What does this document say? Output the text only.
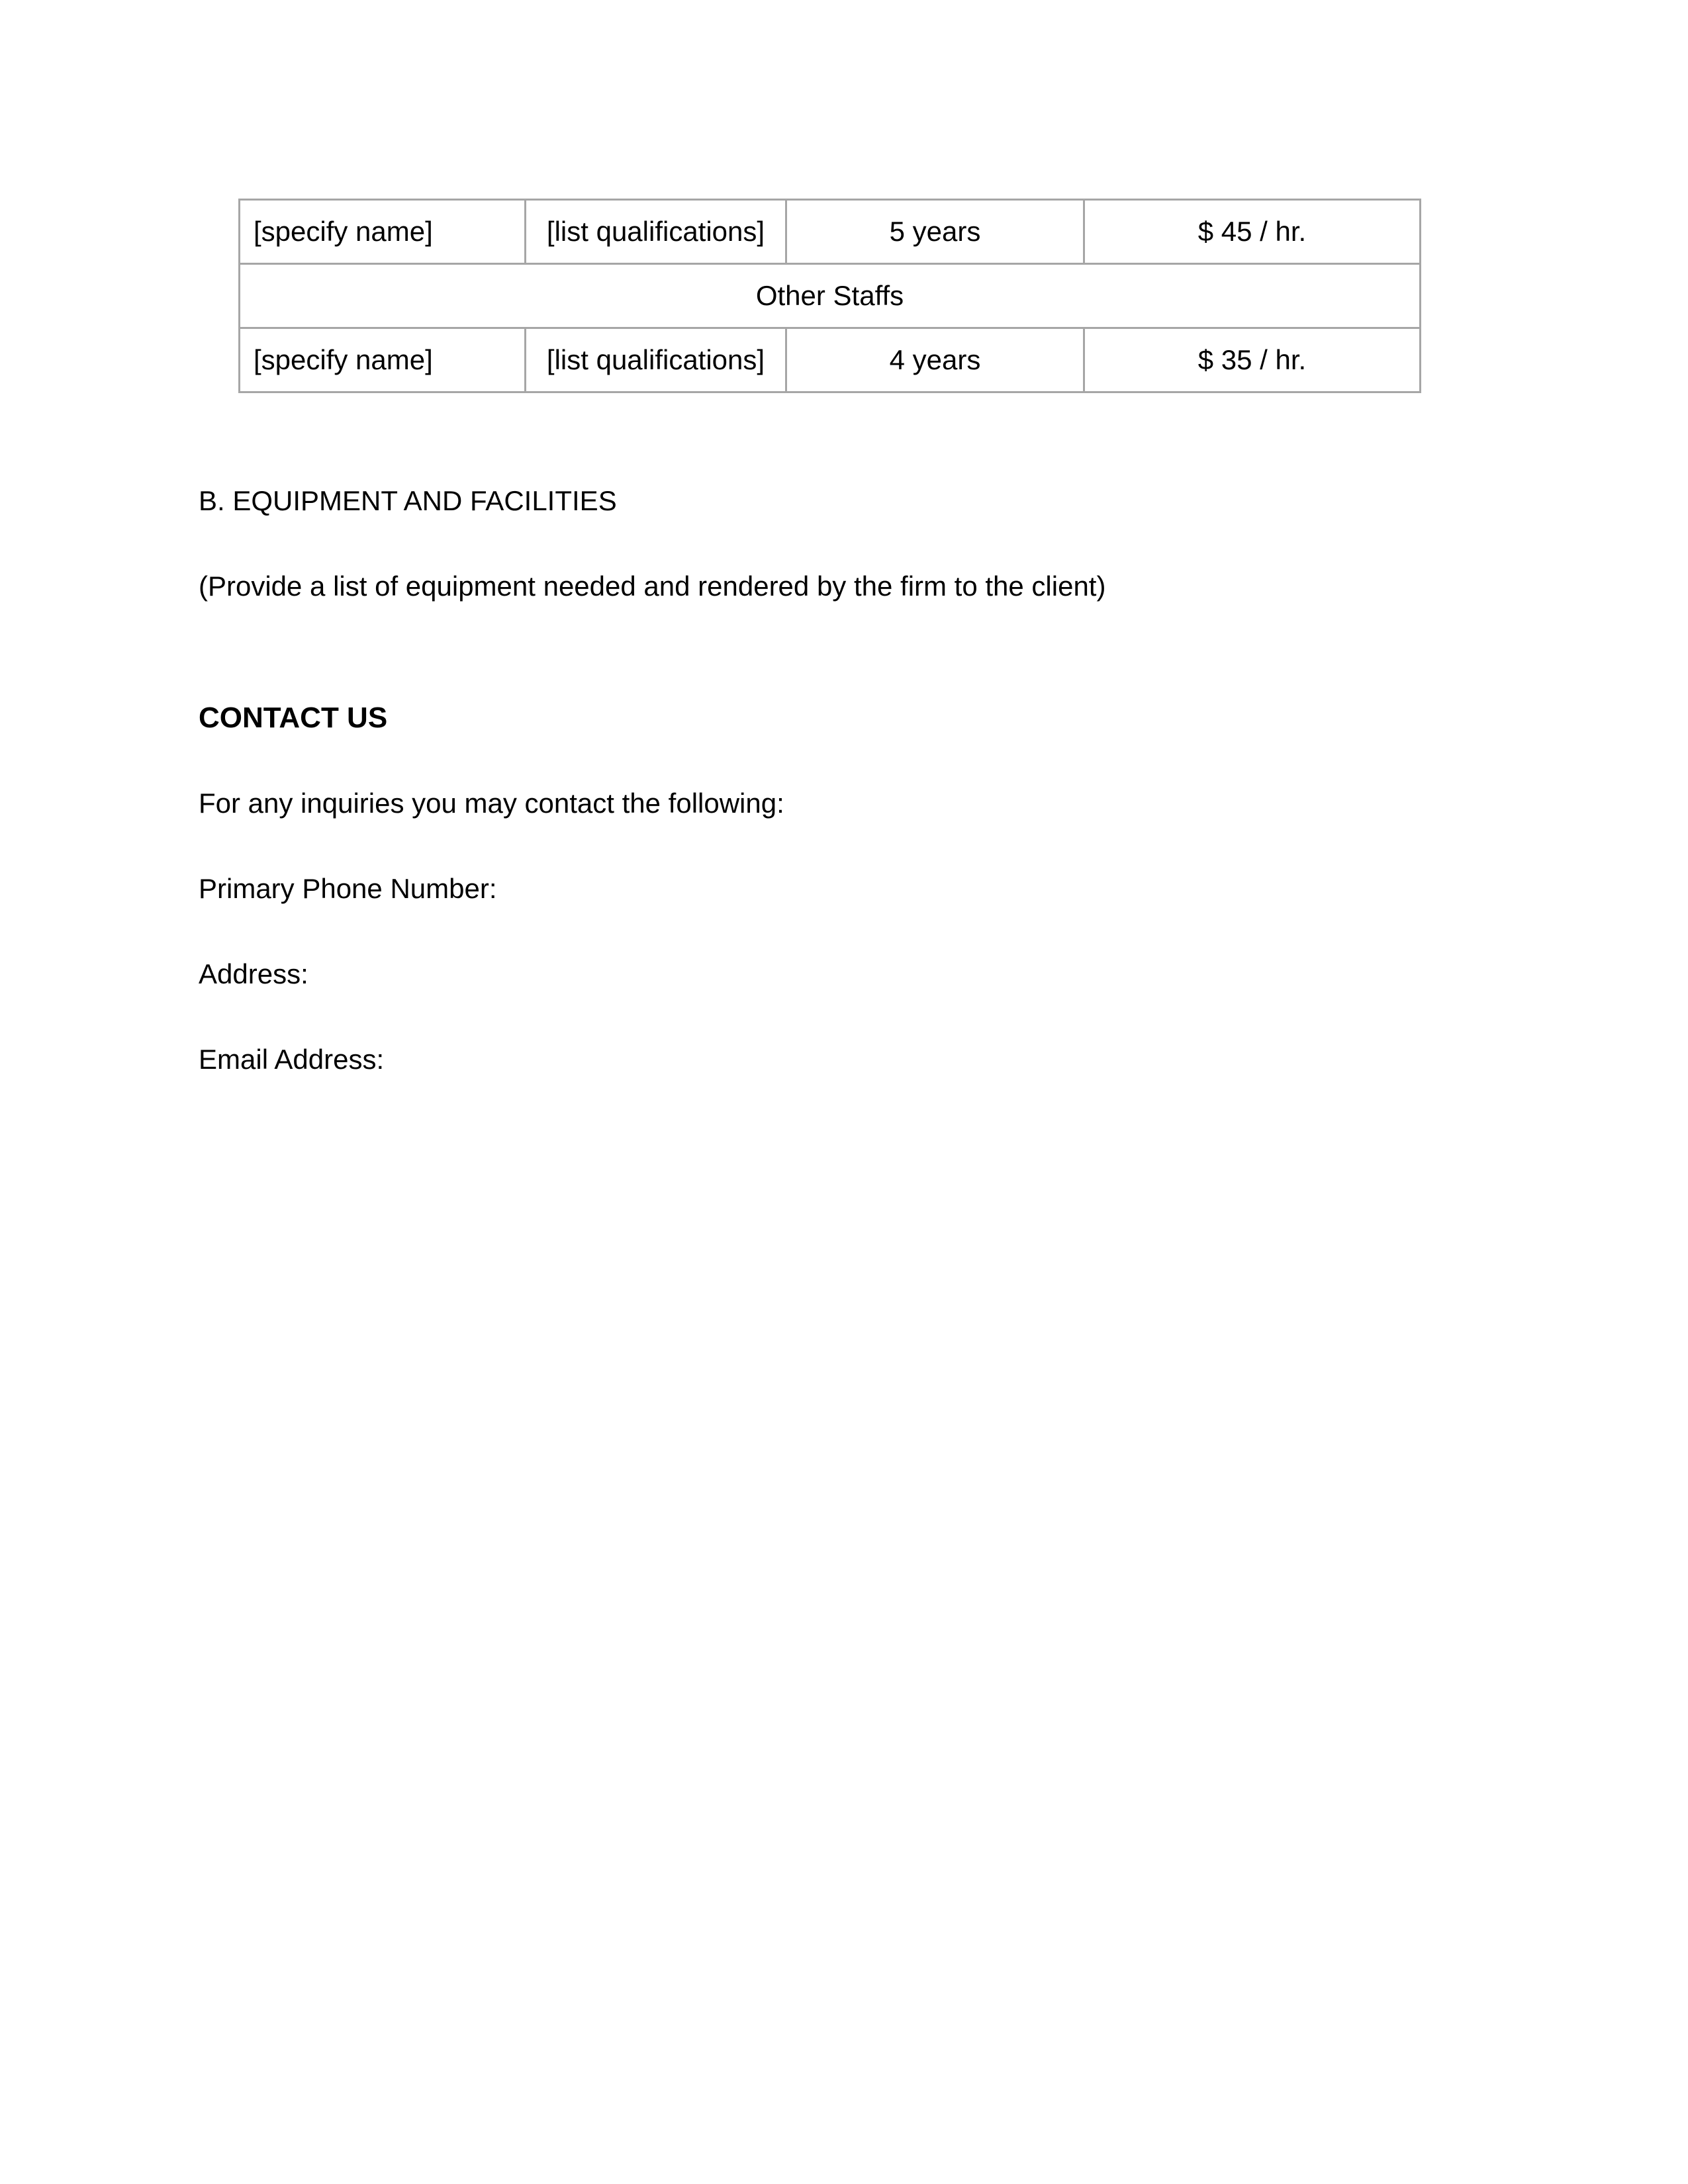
[specify name]	[list qualifications]	5 years	$ 45 / hr.
Other Staffs			
[specify name]	[list qualifications]	4 years	$ 35 / hr.
B. EQUIPMENT AND FACILITIES
(Provide a list of equipment needed and rendered by the firm to the client)
CONTACT US
For any inquiries you may contact the following:
Primary Phone Number:
Address:
Email Address:
